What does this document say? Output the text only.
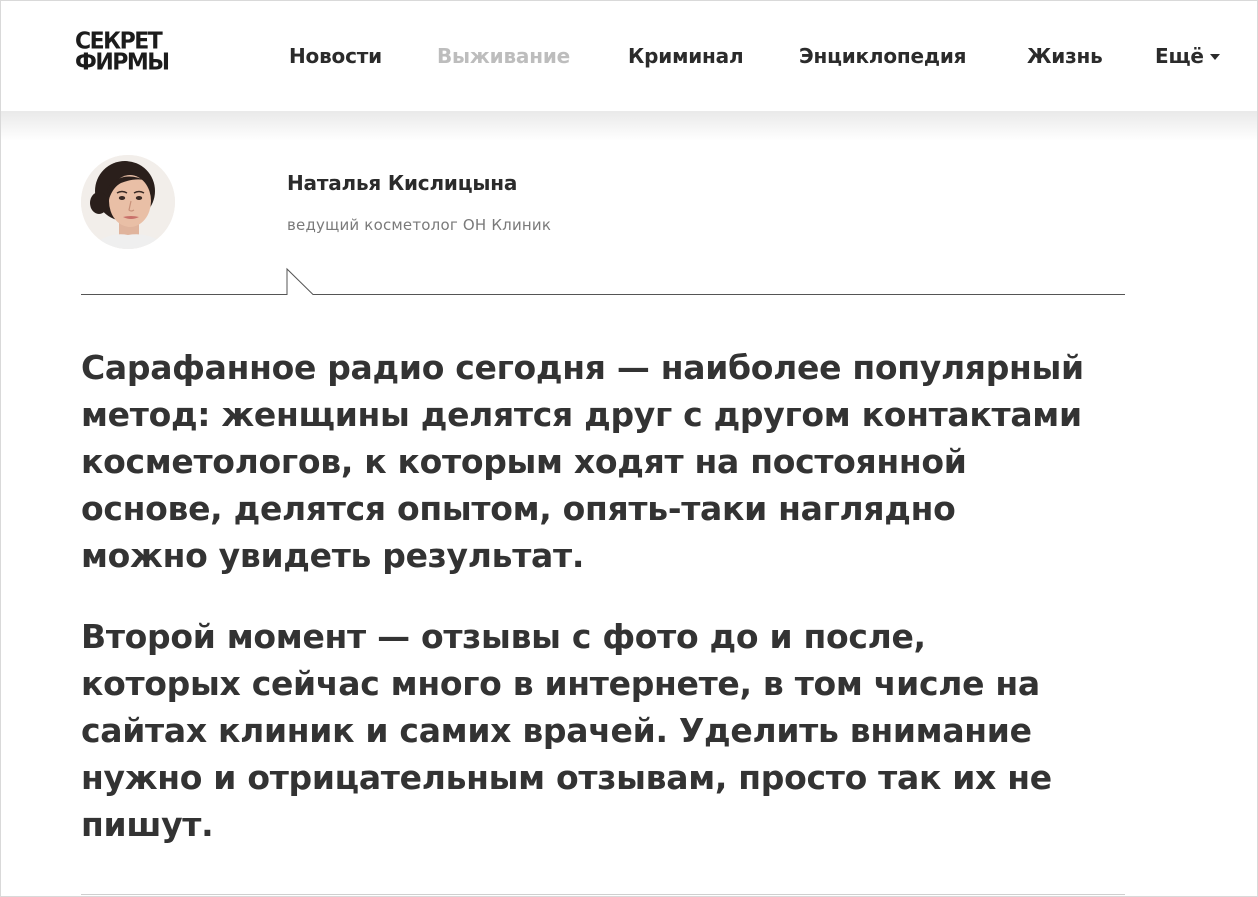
СЕКРЕТ
ФИРМЫ	Новости	Выживание	Криминал	Энциклопедия	Жизнь	Ещё
Наталья Кислицына
ведущий косметолог ОН Клиник

Сарафанное радио сегодня — наиболее популярный метод: женщины делятся друг с другом контактами косметологов, к которым ходят на постоянной основе, делятся опытом, опять-таки наглядно можно увидеть результат.

Второй момент — отзывы с фото до и после, которых сейчас много в интернете, в том числе на сайтах клиник и самих врачей. Уделить внимание нужно и отрицательным отзывам, просто так их не пишут.
